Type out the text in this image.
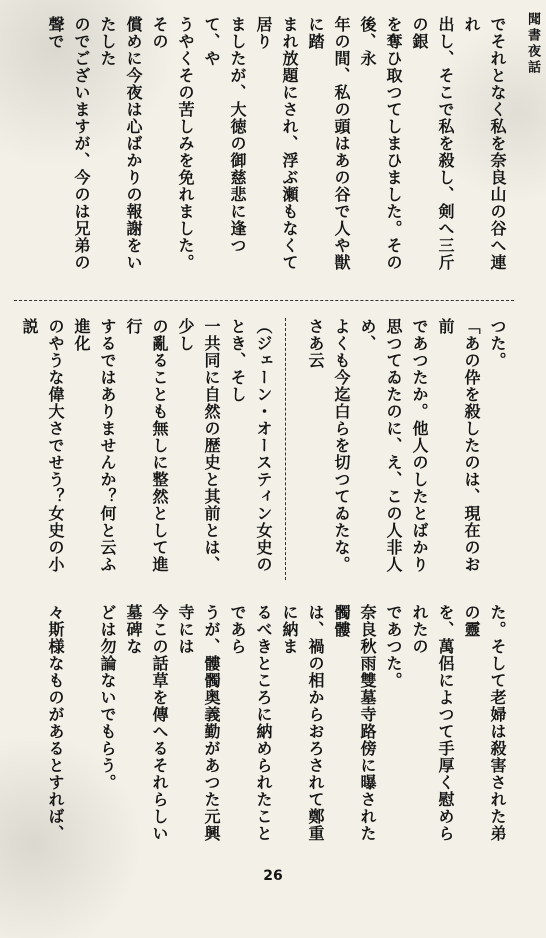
聞書夜話
でそれとなく私を奈良山の谷へ連れ
出し、そこで私を殺し、剣へ三斤の銀
を奪ひ取つてしまひました。その後、永
年の間、私の頭はあの谷で人や獣に踏
まれ放題にされ、浮ぶ瀬もなくて居り
ましたが、大徳の御慈悲に逢つて、や
うやくその苦しみを免れました。その
償めに今夜は心ばかりの報謝をいたした
のでございますが、今のは兄弟の聲で

つた。
「あの伜を殺したのは、現在のお前
であつたか。他人のしたとばかり
思つてゐたのに、え、この人非人め、
よくも今迄白らを切つてゐたな。さあ云

（ジェーン・オースティン女史のとき、そし
一共同に自然の歴史と其前とは、少し
の亂ることも無しに整然として進行
するではありませんか？何と云ふ進化
のやうな偉大さでせう？女史の小説

た。そして老婦は殺害された弟の靈
を、萬侶によつて手厚く慰められたの
であつた。
奈良秋雨雙墓寺路傍に曝された髑髏
は、禍の相からおろされて鄭重に納ま
るべきところに納められたことであら
うが、髏髑奥義勤があつた元興寺には
今この話草を傳へるそれらしい墓碑な
どは勿論ないでもらう。

々斯様なものがあるとすれば、

26
